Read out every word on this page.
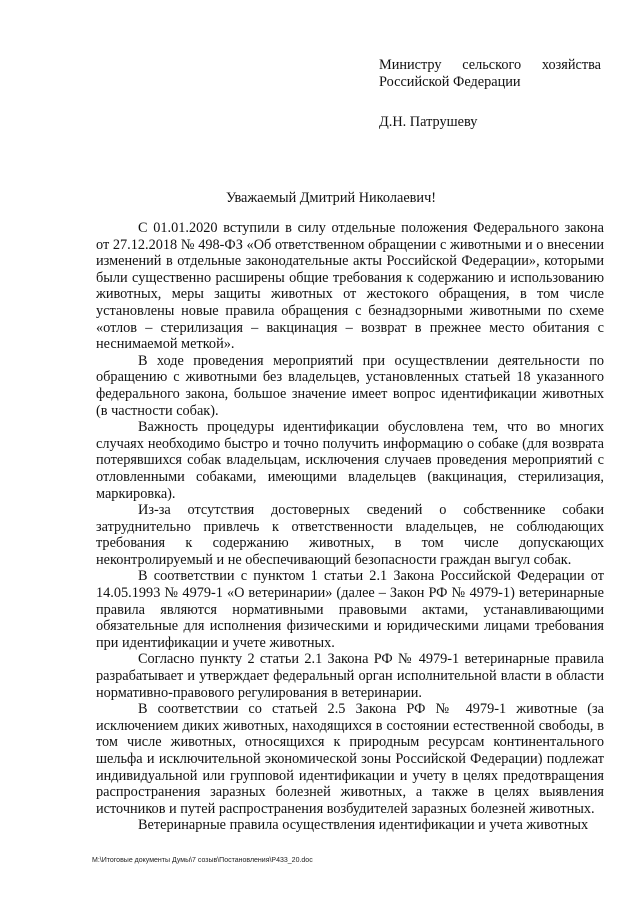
Министру сельского хозяйства
Российской Федерации
Д.Н. Патрушеву
Уважаемый Дмитрий Николаевич!

С 01.01.2020 вступили в силу отдельные положения Федерального закона от 27.12.2018 № 498-ФЗ «Об ответственном обращении с животными и о внесении изменений в отдельные законодательные акты Российской Федерации», которыми были существенно расширены общие требования к содержанию и использованию животных, меры защиты животных от жестокого обращения, в том числе установлены новые правила обращения с безнадзорными животными по схеме «отлов – стерилизация – вакцинация – возврат в прежнее место обитания с неснимаемой меткой».

В ходе проведения мероприятий при осуществлении деятельности по обращению с животными без владельцев, установленных статьей 18 указанного федерального закона, большое значение имеет вопрос идентификации животных (в частности собак).

Важность процедуры идентификации обусловлена тем, что во многих случаях необходимо быстро и точно получить информацию о собаке (для возврата потерявшихся собак владельцам, исключения случаев проведения мероприятий с отловленными собаками, имеющими владельцев (вакцинация, стерилизация, маркировка).

Из-за отсутствия достоверных сведений о собственнике собаки затруднительно привлечь к ответственности владельцев, не соблюдающих требования к содержанию животных, в том числе допускающих неконтролируемый и не обеспечивающий безопасности граждан выгул собак.

В соответствии с пунктом 1 статьи 2.1 Закона Российской Федерации от 14.05.1993 № 4979-1 «О ветеринарии» (далее – Закон РФ № 4979-1) ветеринарные правила являются нормативными правовыми актами, устанавливающими обязательные для исполнения физическими и юридическими лицами требования при идентификации и учете животных.

Согласно пункту 2 статьи 2.1 Закона РФ № 4979-1 ветеринарные правила разрабатывает и утверждает федеральный орган исполнительной власти в области нормативно-правового регулирования в ветеринарии.

В соответствии со статьей 2.5 Закона РФ № 4979-1 животные (за исключением диких животных, находящихся в состоянии естественной свободы, в том числе животных, относящихся к природным ресурсам континентального шельфа и исключительной экономической зоны Российской Федерации) подлежат индивидуальной или групповой идентификации и учету в целях предотвращения распространения заразных болезней животных, а также в целях выявления источников и путей распространения возбудителей заразных болезней животных.

Ветеринарные правила осуществления идентификации и учета животных

M:\Итоговые документы Думы\7 созыв\Постановления\P433_20.doc
